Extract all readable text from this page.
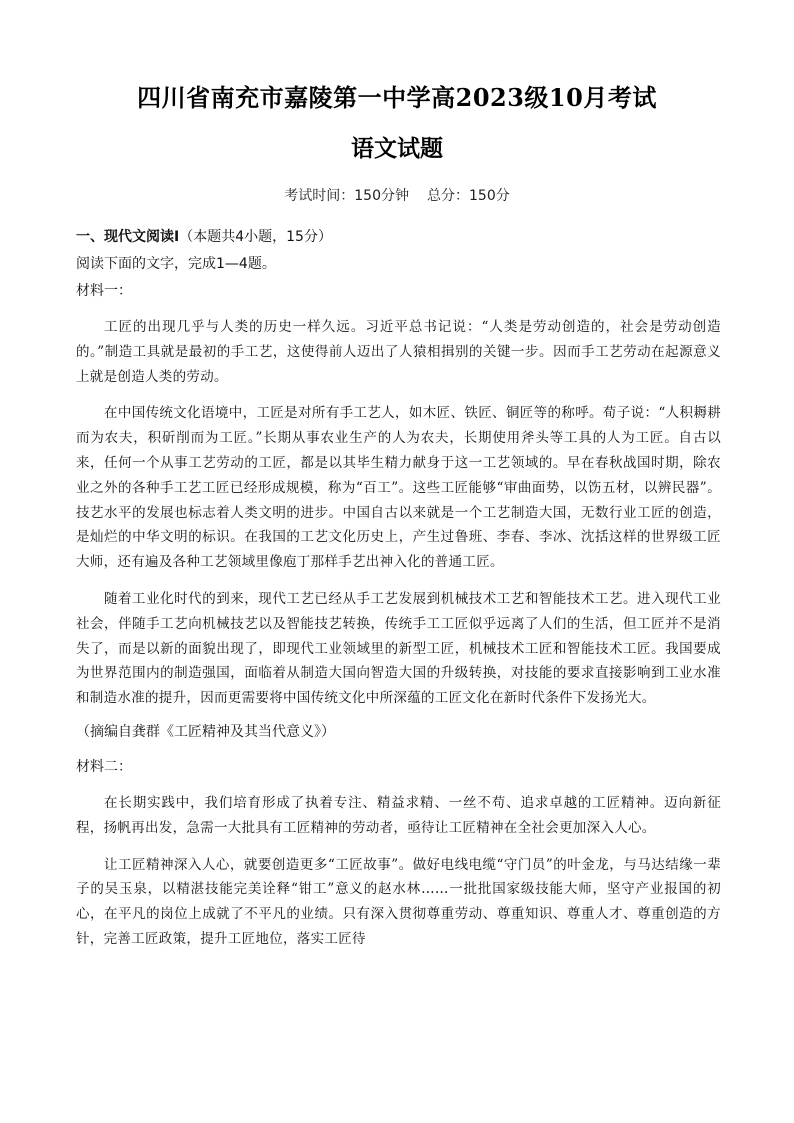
四川省南充市嘉陵第一中学高2023级10月考试
语文试题
考试时间：150分钟 总分：150分

一、现代文阅读Ⅰ（本题共4小题，15分）

阅读下面的文字，完成1—4题。

材料一：

工匠的出现几乎与人类的历史一样久远。习近平总书记说：“人类是劳动创造的，社会是劳动创造的。”制造工具就是最初的手工艺，这使得前人迈出了人猿相揖别的关键一步。因而手工艺劳动在起源意义上就是创造人类的劳动。

在中国传统文化语境中，工匠是对所有手工艺人，如木匠、铁匠、铜匠等的称呼。荀子说：“人积耨耕而为农夫，积斫削而为工匠。”长期从事农业生产的人为农夫，长期使用斧头等工具的人为工匠。自古以来，任何一个从事工艺劳动的工匠，都是以其毕生精力献身于这一工艺领域的。早在春秋战国时期，除农业之外的各种手工艺工匠已经形成规模，称为“百工”。这些工匠能够“审曲面势，以饬五材，以辨民器”。技艺水平的发展也标志着人类文明的进步。中国自古以来就是一个工艺制造大国，无数行业工匠的创造，是灿烂的中华文明的标识。在我国的工艺文化历史上，产生过鲁班、李春、李冰、沈括这样的世界级工匠大师，还有遍及各种工艺领域里像庖丁那样手艺出神入化的普通工匠。

随着工业化时代的到来，现代工艺已经从手工艺发展到机械技术工艺和智能技术工艺。进入现代工业社会，伴随手工艺向机械技艺以及智能技艺转换，传统手工工匠似乎远离了人们的生活，但工匠并不是消失了，而是以新的面貌出现了，即现代工业领域里的新型工匠，机械技术工匠和智能技术工匠。我国要成为世界范围内的制造强国，面临着从制造大国向智造大国的升级转换，对技能的要求直接影响到工业水准和制造水准的提升，因而更需要将中国传统文化中所深蕴的工匠文化在新时代条件下发扬光大。

（摘编自龚群《工匠精神及其当代意义》）

材料二：

在长期实践中，我们培育形成了执着专注、精益求精、一丝不苟、追求卓越的工匠精神。迈向新征程，扬帆再出发，急需一大批具有工匠精神的劳动者，亟待让工匠精神在全社会更加深入人心。

让工匠精神深入人心，就要创造更多“工匠故事”。做好电线电缆“守门员”的叶金龙，与马达结缘一辈子的吴玉泉，以精湛技能完美诠释“钳工”意义的赵水林……一批批国家级技能大师，坚守产业报国的初心，在平凡的岗位上成就了不平凡的业绩。只有深入贯彻尊重劳动、尊重知识、尊重人才、尊重创造的方针，完善工匠政策，提升工匠地位，落实工匠待
